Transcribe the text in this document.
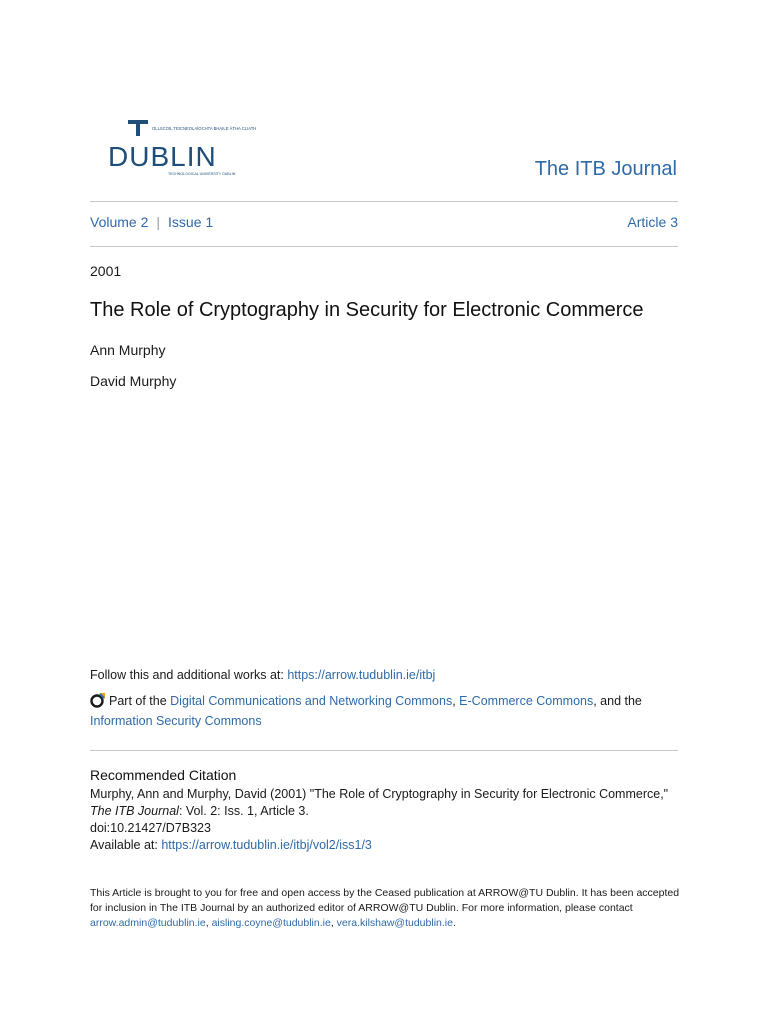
DUBLIN
OLLSCOIL TEICNEOLAÍOCHTA BHAILE ÁTHA CLIATH
TECHNOLOGICAL UNIVERSITY DUBLIN	The ITB Journal
Volume 2 | Issue 1	Article 3
2001
The Role of Cryptography in Security for Electronic Commerce
Ann Murphy
David Murphy
Follow this and additional works at: https://arrow.tudublin.ie/itbj
Part of the Digital Communications and Networking Commons, E-Commerce Commons, and the
Information Security Commons
Recommended Citation
Murphy, Ann and Murphy, David (2001) "The Role of Cryptography in Security for Electronic Commerce,"
The ITB Journal: Vol. 2: Iss. 1, Article 3.
doi:10.21427/D7B323
Available at: https://arrow.tudublin.ie/itbj/vol2/iss1/3
This Article is brought to you for free and open access by the Ceased publication at ARROW@TU Dublin. It has been accepted for inclusion in The ITB Journal by an authorized editor of ARROW@TU Dublin. For more information, please contact arrow.admin@tudublin.ie, aisling.coyne@tudublin.ie, vera.kilshaw@tudublin.ie.
